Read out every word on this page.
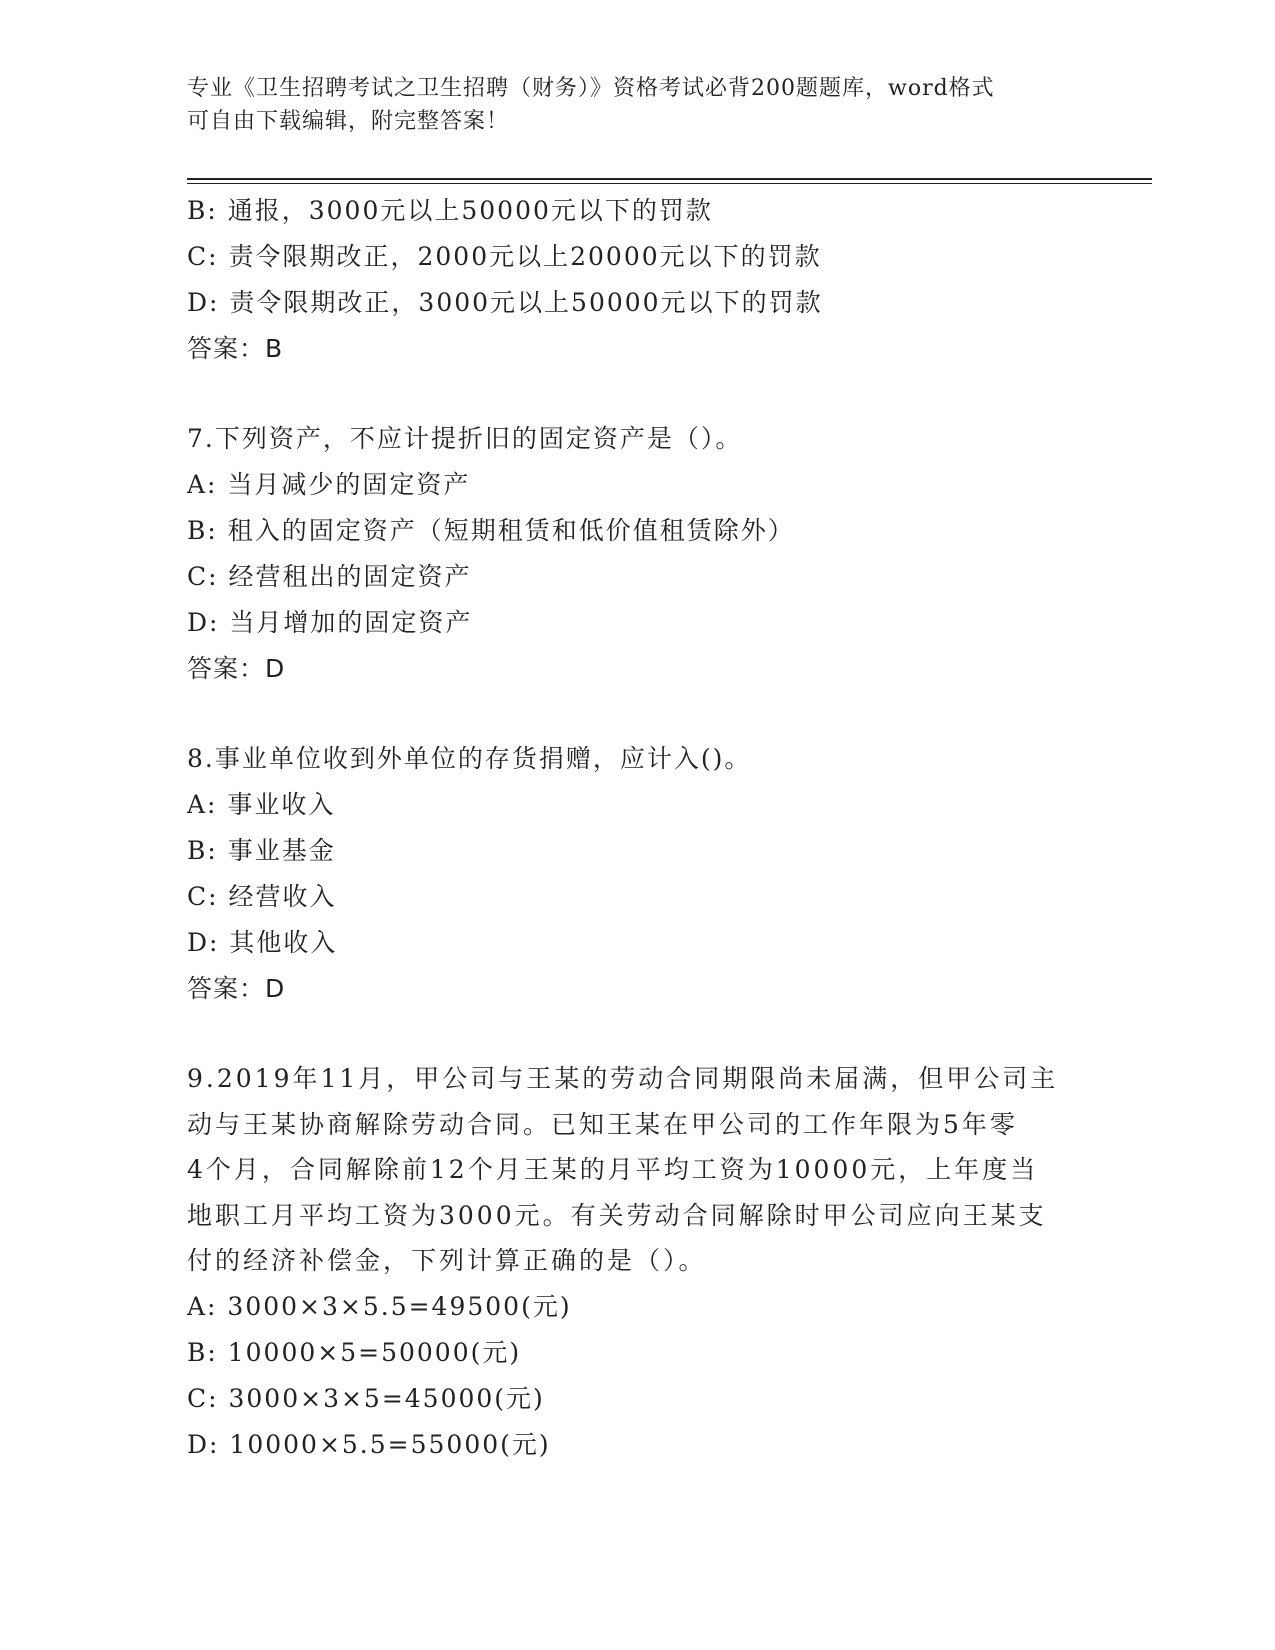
专业《卫生招聘考试之卫生招聘（财务）》资格考试必背200题题库，word格式
可自由下载编辑，附完整答案！
B: 通报，3000元以上50000元以下的罚款
C: 责令限期改正，2000元以上20000元以下的罚款
D: 责令限期改正，3000元以上50000元以下的罚款
答案：B
7.下列资产，不应计提折旧的固定资产是（）。
A: 当月减少的固定资产
B: 租入的固定资产（短期租赁和低价值租赁除外）
C: 经营租出的固定资产
D: 当月增加的固定资产
答案：D
8.事业单位收到外单位的存货捐赠，应计入()。
A: 事业收入
B: 事业基金
C: 经营收入
D: 其他收入
答案：D
9.2019年11月，甲公司与王某的劳动合同期限尚未届满，但甲公司主
动与王某协商解除劳动合同。已知王某在甲公司的工作年限为5年零
4个月，合同解除前12个月王某的月平均工资为10000元，上年度当
地职工月平均工资为3000元。有关劳动合同解除时甲公司应向王某支
付的经济补偿金，下列计算正确的是（）。
A: 3000×3×5.5=49500(元)
B: 10000×5=50000(元)
C: 3000×3×5=45000(元)
D: 10000×5.5=55000(元)
